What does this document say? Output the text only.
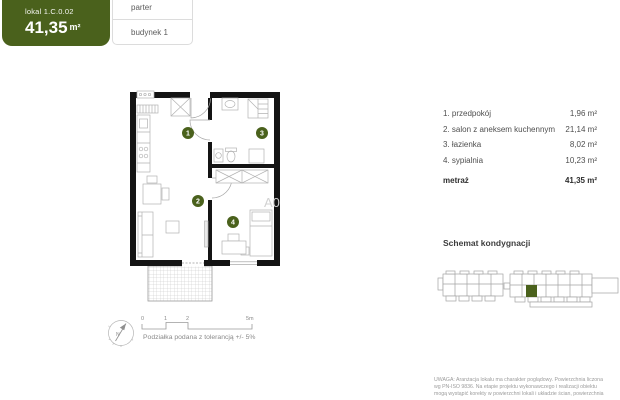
lokal 1.C.0.02
41,35 m²
parter
budynek 1
A0
1
2
3
4
1. przedpokój	1,96 m²
2. salon z aneksem kuchennym 21,14 m²
3. łazienka	8,02 m²
4. sypialnia	10,23 m²
metraż	41,35 m²
Schemat kondygnacji
N
0	1	2	5m
Podziałka podana z tolerancją +/- 5%
UWAGA: Aranżacja lokalu ma charakter poglądowy. Powierzchnia liczona
wg PN-ISO 9836. Na etapie projektu wykonawczego i realizacji obiektu
mogą wystąpić korekty w powierzchni lokali i układzie ścian, powierzchnia
